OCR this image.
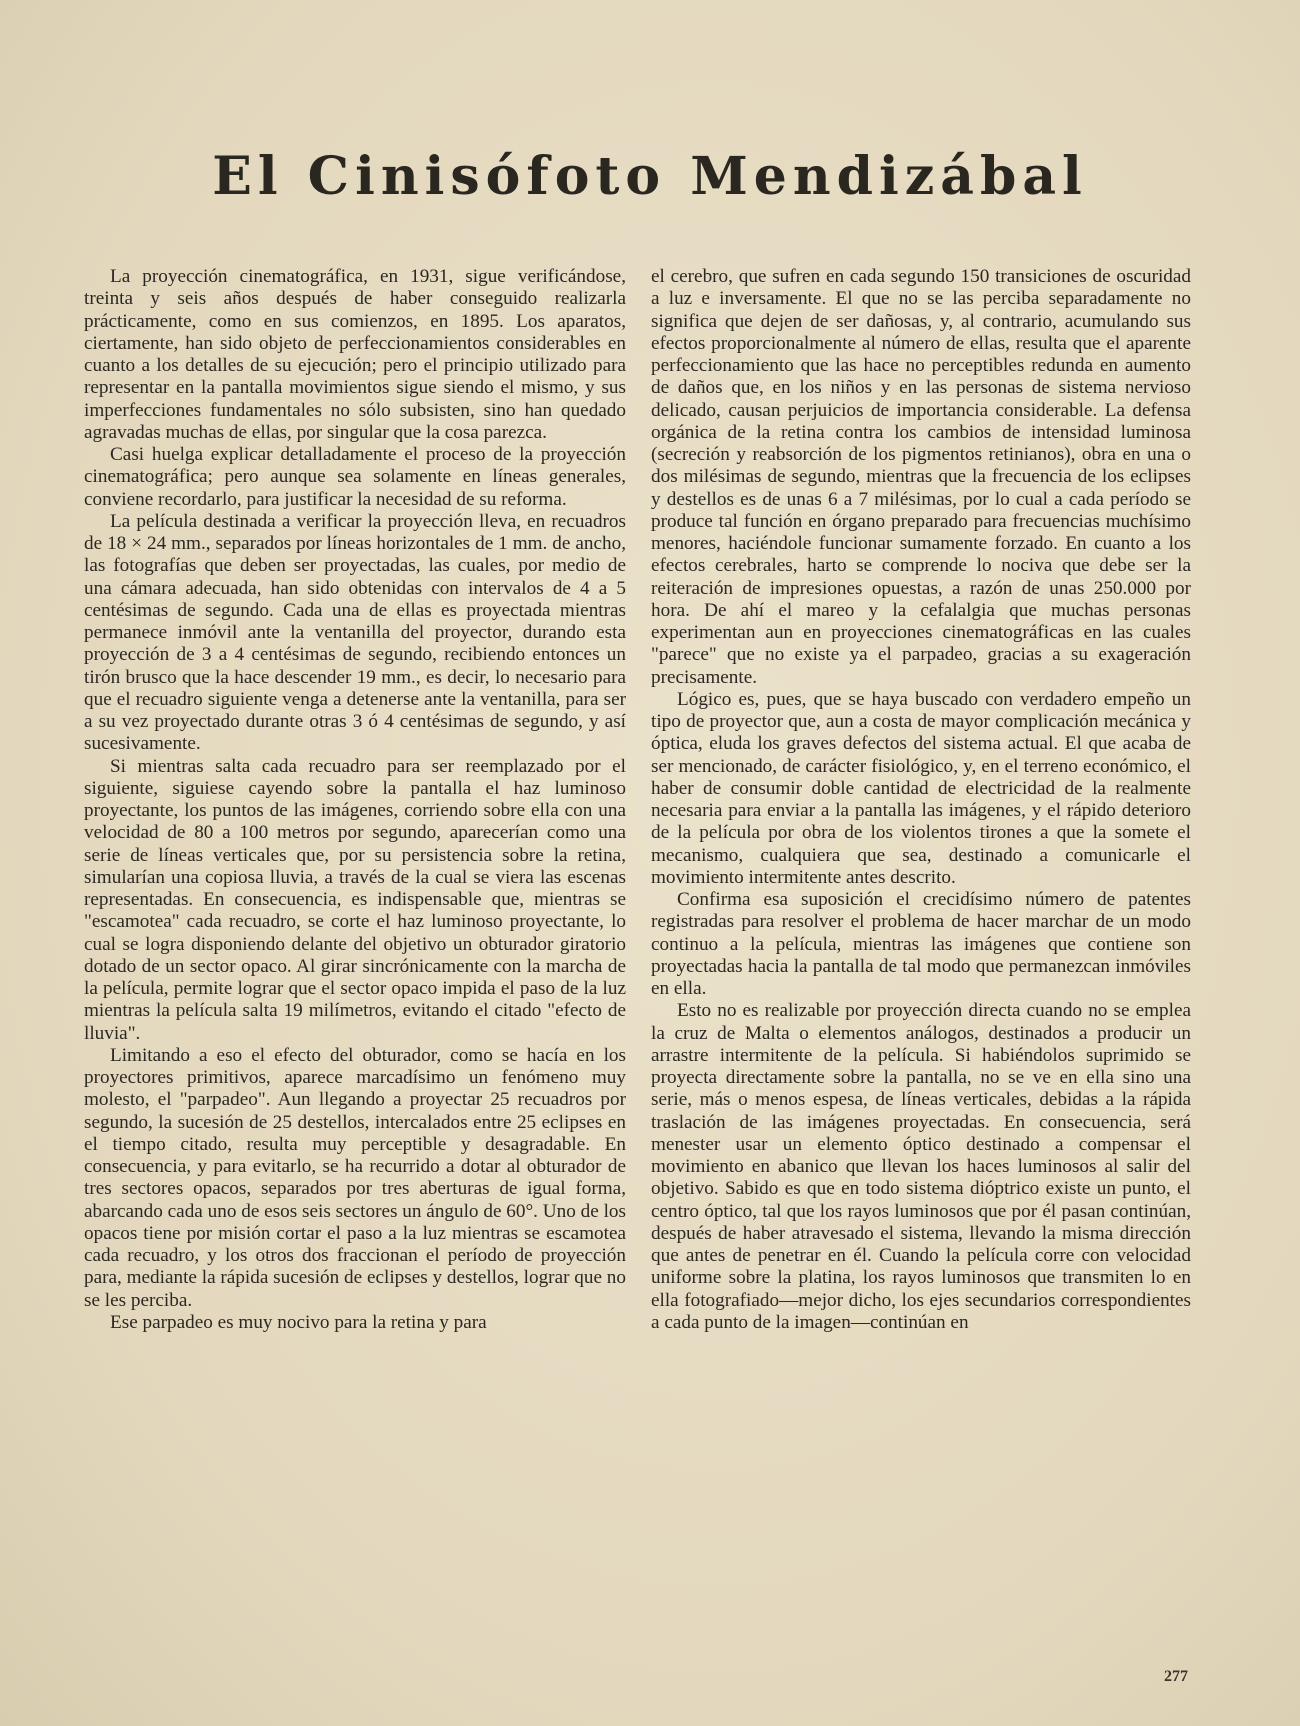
El Cinisófoto Mendizábal

La proyección cinematográfica, en 1931, sigue verificándose, treinta y seis años después de haber conseguido realizarla prácticamente, como en sus comienzos, en 1895. Los aparatos, ciertamente, han sido objeto de perfeccionamientos considerables en cuanto a los detalles de su ejecución; pero el principio utilizado para representar en la pantalla movimientos sigue siendo el mismo, y sus imperfecciones fundamentales no sólo subsisten, sino han quedado agravadas muchas de ellas, por singular que la cosa parezca.

Casi huelga explicar detalladamente el proceso de la proyección cinematográfica; pero aunque sea solamente en líneas generales, conviene recordarlo, para justificar la necesidad de su reforma.

La película destinada a verificar la proyección lleva, en recuadros de 18 × 24 mm., separados por líneas horizontales de 1 mm. de ancho, las fotografías que deben ser proyectadas, las cuales, por medio de una cámara adecuada, han sido obtenidas con intervalos de 4 a 5 centésimas de segundo. Cada una de ellas es proyectada mientras permanece inmóvil ante la ventanilla del proyector, durando esta proyección de 3 a 4 centésimas de segundo, recibiendo entonces un tirón brusco que la hace descender 19 mm., es decir, lo necesario para que el recuadro siguiente venga a detenerse ante la ventanilla, para ser a su vez proyectado durante otras 3 ó 4 centésimas de segundo, y así sucesivamente.

Si mientras salta cada recuadro para ser reemplazado por el siguiente, siguiese cayendo sobre la pantalla el haz luminoso proyectante, los puntos de las imágenes, corriendo sobre ella con una velocidad de 80 a 100 metros por segundo, aparecerían como una serie de líneas verticales que, por su persistencia sobre la retina, simularían una copiosa lluvia, a través de la cual se viera las escenas representadas. En consecuencia, es indispensable que, mientras se "escamotea" cada recuadro, se corte el haz luminoso proyectante, lo cual se logra disponiendo delante del objetivo un obturador giratorio dotado de un sector opaco. Al girar sincrónicamente con la marcha de la película, permite lograr que el sector opaco impida el paso de la luz mientras la película salta 19 milímetros, evitando el citado "efecto de lluvia".

Limitando a eso el efecto del obturador, como se hacía en los proyectores primitivos, aparece marcadísimo un fenómeno muy molesto, el "parpadeo". Aun llegando a proyectar 25 recuadros por segundo, la sucesión de 25 destellos, intercalados entre 25 eclipses en el tiempo citado, resulta muy perceptible y desagradable. En consecuencia, y para evitarlo, se ha recurrido a dotar al obturador de tres sectores opacos, separados por tres aberturas de igual forma, abarcando cada uno de esos seis sectores un ángulo de 60°. Uno de los opacos tiene por misión cortar el paso a la luz mientras se escamotea cada recuadro, y los otros dos fraccionan el período de proyección para, mediante la rápida sucesión de eclipses y destellos, lograr que no se les perciba.

Ese parpadeo es muy nocivo para la retina y para

el cerebro, que sufren en cada segundo 150 transiciones de oscuridad a luz e inversamente. El que no se las perciba separadamente no significa que dejen de ser dañosas, y, al contrario, acumulando sus efectos proporcionalmente al número de ellas, resulta que el aparente perfeccionamiento que las hace no perceptibles redunda en aumento de daños que, en los niños y en las personas de sistema nervioso delicado, causan perjuicios de importancia considerable. La defensa orgánica de la retina contra los cambios de intensidad luminosa (secreción y reabsorción de los pigmentos retinianos), obra en una o dos milésimas de segundo, mientras que la frecuencia de los eclipses y destellos es de unas 6 a 7 milésimas, por lo cual a cada período se produce tal función en órgano preparado para frecuencias muchísimo menores, haciéndole funcionar sumamente forzado. En cuanto a los efectos cerebrales, harto se comprende lo nociva que debe ser la reiteración de impresiones opuestas, a razón de unas 250.000 por hora. De ahí el mareo y la cefalalgia que muchas personas experimentan aun en proyecciones cinematográficas en las cuales "parece" que no existe ya el parpadeo, gracias a su exageración precisamente.

Lógico es, pues, que se haya buscado con verdadero empeño un tipo de proyector que, aun a costa de mayor complicación mecánica y óptica, eluda los graves defectos del sistema actual. El que acaba de ser mencionado, de carácter fisiológico, y, en el terreno económico, el haber de consumir doble cantidad de electricidad de la realmente necesaria para enviar a la pantalla las imágenes, y el rápido deterioro de la película por obra de los violentos tirones a que la somete el mecanismo, cualquiera que sea, destinado a comunicarle el movimiento intermitente antes descrito.

Confirma esa suposición el crecidísimo número de patentes registradas para resolver el problema de hacer marchar de un modo continuo a la película, mientras las imágenes que contiene son proyectadas hacia la pantalla de tal modo que permanezcan inmóviles en ella.

Esto no es realizable por proyección directa cuando no se emplea la cruz de Malta o elementos análogos, destinados a producir un arrastre intermitente de la película. Si habiéndolos suprimido se proyecta directamente sobre la pantalla, no se ve en ella sino una serie, más o menos espesa, de líneas verticales, debidas a la rápida traslación de las imágenes proyectadas. En consecuencia, será menester usar un elemento óptico destinado a compensar el movimiento en abanico que llevan los haces luminosos al salir del objetivo. Sabido es que en todo sistema dióptrico existe un punto, el centro óptico, tal que los rayos luminosos que por él pasan continúan, después de haber atravesado el sistema, llevando la misma dirección que antes de penetrar en él. Cuando la película corre con velocidad uniforme sobre la platina, los rayos luminosos que transmiten lo en ella fotografiado—mejor dicho, los ejes secundarios correspondientes a cada punto de la imagen—continúan en

277
